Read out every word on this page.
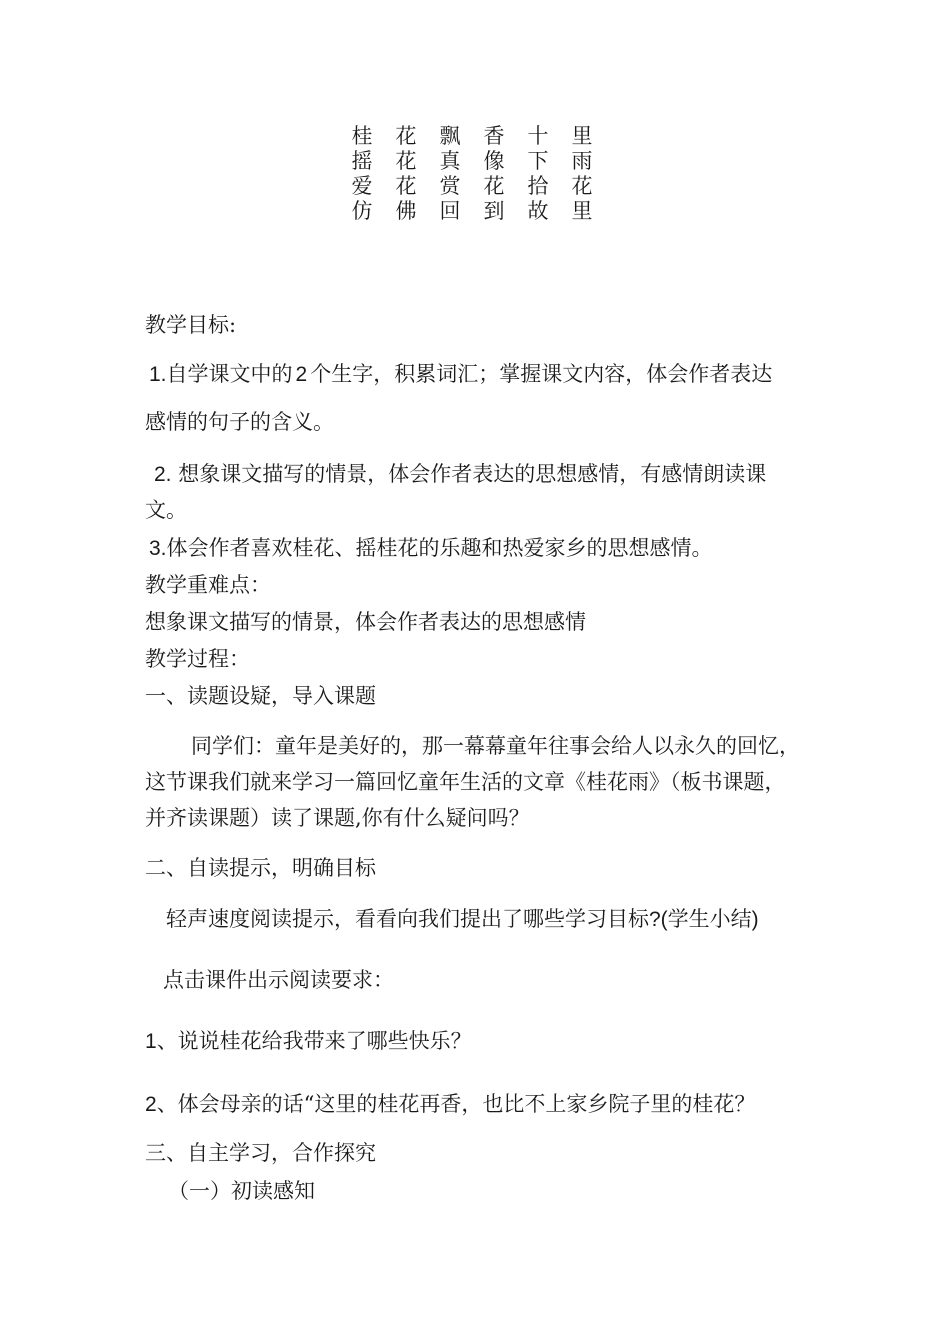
桂	花	飘	香	十	里
摇	花	真	像	下	雨
爱	花	赏	花	拾	花
仿	佛	回	到	故	里
教学目标:
1.自学课文中的 2 个生字，积累词汇；掌握课文内容，体会作者表达
感情的句子的含义。
2. 想象课文描写的情景，体会作者表达的思想感情，有感情朗读课
文。
3.体会作者喜欢桂花、摇桂花的乐趣和热爱家乡的思想感情。
教学重难点：
想象课文描写的情景，体会作者表达的思想感情
教学过程：
一、读题设疑，导入课题
同学们：童年是美好的，那一幕幕童年往事会给人以永久的回忆，
这节课我们就来学习一篇回忆童年生活的文章《桂花雨》（板书课题，
并齐读课题）读了课题,你有什么疑问吗？
二、自读提示，明确目标
轻声速度阅读提示，看看向我们提出了哪些学习目标?(学生小结)
点击课件出示阅读要求：
1、说说桂花给我带来了哪些快乐？
2、体会母亲的话“这里的桂花再香，也比不上家乡院子里的桂花？
三、自主学习，合作探究
（一）初读感知
